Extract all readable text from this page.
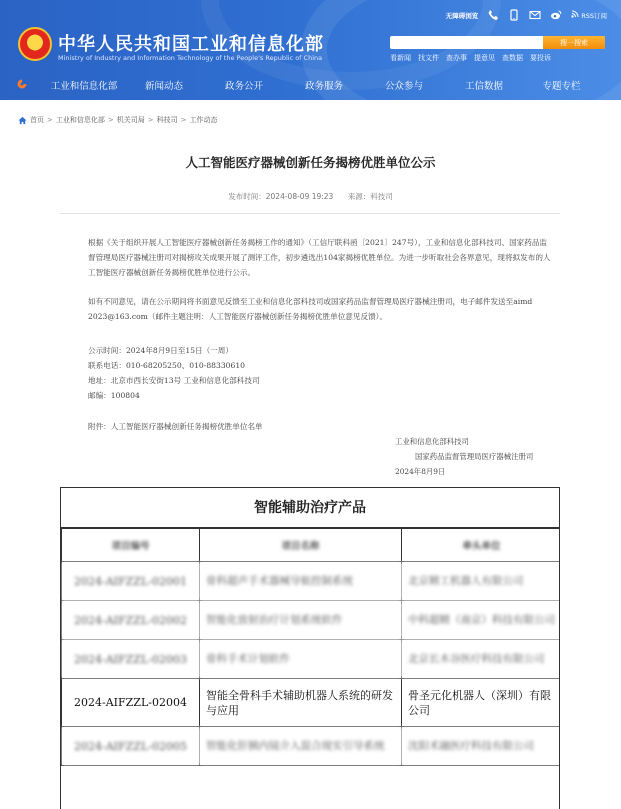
中华人民共和国工业和信息化部
Ministry of Industry and Information Technology of the People's Republic of China
无障碍浏览	RSS订阅
搜一搜索
看新闻 找文件 查办事 提意见 查数据 要投诉
工业和信息化部	新闻动态	政务公开	政务服务	公众参与	工信数据	专题专栏
首页 > 工业和信息化部 > 机关司局 > 科技司 > 工作动态
人工智能医疗器械创新任务揭榜优胜单位公示
发布时间：2024-08-09 19:23 来源：科技司
根据《关于组织开展人工智能医疗器械创新任务揭榜工作的通知》（工信厅联科函〔2021〕247号），工业和信息化部科技司、国家药品监督管理局医疗器械注册司对揭榜攻关成果开展了测评工作，初步遴选出104家揭榜优胜单位。为进一步听取社会各界意见，现将拟发布的人工智能医疗器械创新任务揭榜优胜单位进行公示。
如有不同意见，请在公示期间将书面意见反馈至工业和信息化部科技司或国家药品监督管理局医疗器械注册司，电子邮件发送至aimd 2023@163.com（邮件主题注明：人工智能医疗器械创新任务揭榜优胜单位意见反馈）。
公示时间：2024年8月9日至15日（一周）
联系电话：010-68205250、010-88330610
地址：北京市西长安街13号 工业和信息化部科技司
邮编：100804
附件：人工智能医疗器械创新任务揭榜优胜单位名单
工业和信息化部科技司
国家药品监督管理局医疗器械注册司
2024年8月9日
智能辅助治疗产品
项目编号	项目名称	牵头单位
2024-AIFZZL-02001	骨科超声手术器械导航控制系统	北京精工机器人有限公司
2024-AIFZZL-02002	智能化放射治疗计划系统软件	中科超精（南京）科技有限公司
2024-AIFZZL-02003	骨科手术计划软件	北京长木谷医疗科技有限公司
2024-AIFZZL-02004	智能全骨科手术辅助机器人系统的研发与应用	骨圣元化机器人（深圳）有限公司
2024-AIFZZL-02005	智能化肝胰内镜介入混合现实引导系统	沈阳术融医疗科技有限公司
